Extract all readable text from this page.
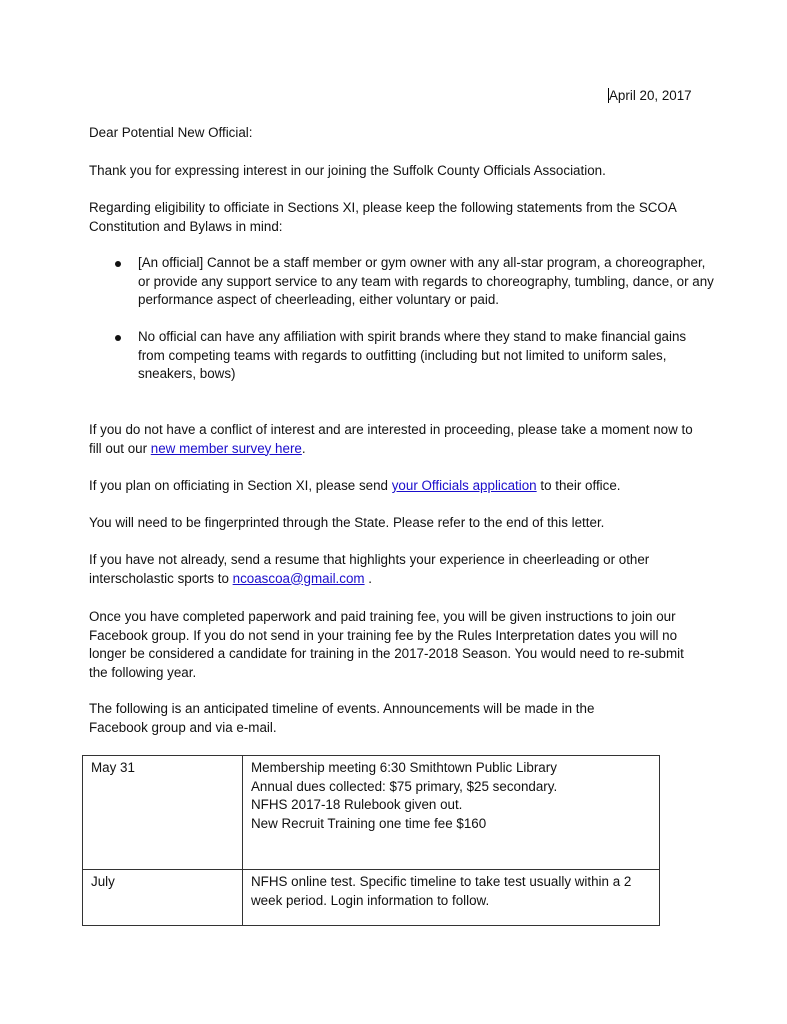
April 20, 2017
Dear Potential New Official:
Thank you for expressing interest in our joining the Suffolk County Officials Association.
Regarding eligibility to officiate in Sections XI, please keep the following statements from the SCOA Constitution and Bylaws in mind:
[An official] Cannot be a staff member or gym owner with any all-star program, a choreographer, or provide any support service to any team with regards to choreography, tumbling, dance, or any performance aspect of cheerleading, either voluntary or paid.
No official can have any affiliation with spirit brands where they stand to make financial gains from competing teams with regards to outfitting (including but not limited to uniform sales, sneakers, bows)
If you do not have a conflict of interest and are interested in proceeding, please take a moment now to fill out our new member survey here.
If you plan on officiating in Section XI, please send your Officials application to their office.
You will need to be fingerprinted through the State. Please refer to the end of this letter.
If you have not already, send a resume that highlights your experience in cheerleading or other interscholastic sports to ncoascoa@gmail.com .
Once you have completed paperwork and paid training fee, you will be given instructions to join our Facebook group. If you do not send in your training fee by the Rules Interpretation dates you will no longer be considered a candidate for training in the 2017-2018 Season. You would need to re-submit the following year.
The following is an anticipated timeline of events. Announcements will be made in the Facebook group and via e-mail.
May 31	Membership meeting 6:30 Smithtown Public Library
Annual dues collected: $75 primary, $25 secondary.
NFHS 2017-18 Rulebook given out.
New Recruit Training one time fee $160

July	NFHS online test. Specific timeline to take test usually within a 2 week period. Login information to follow.
